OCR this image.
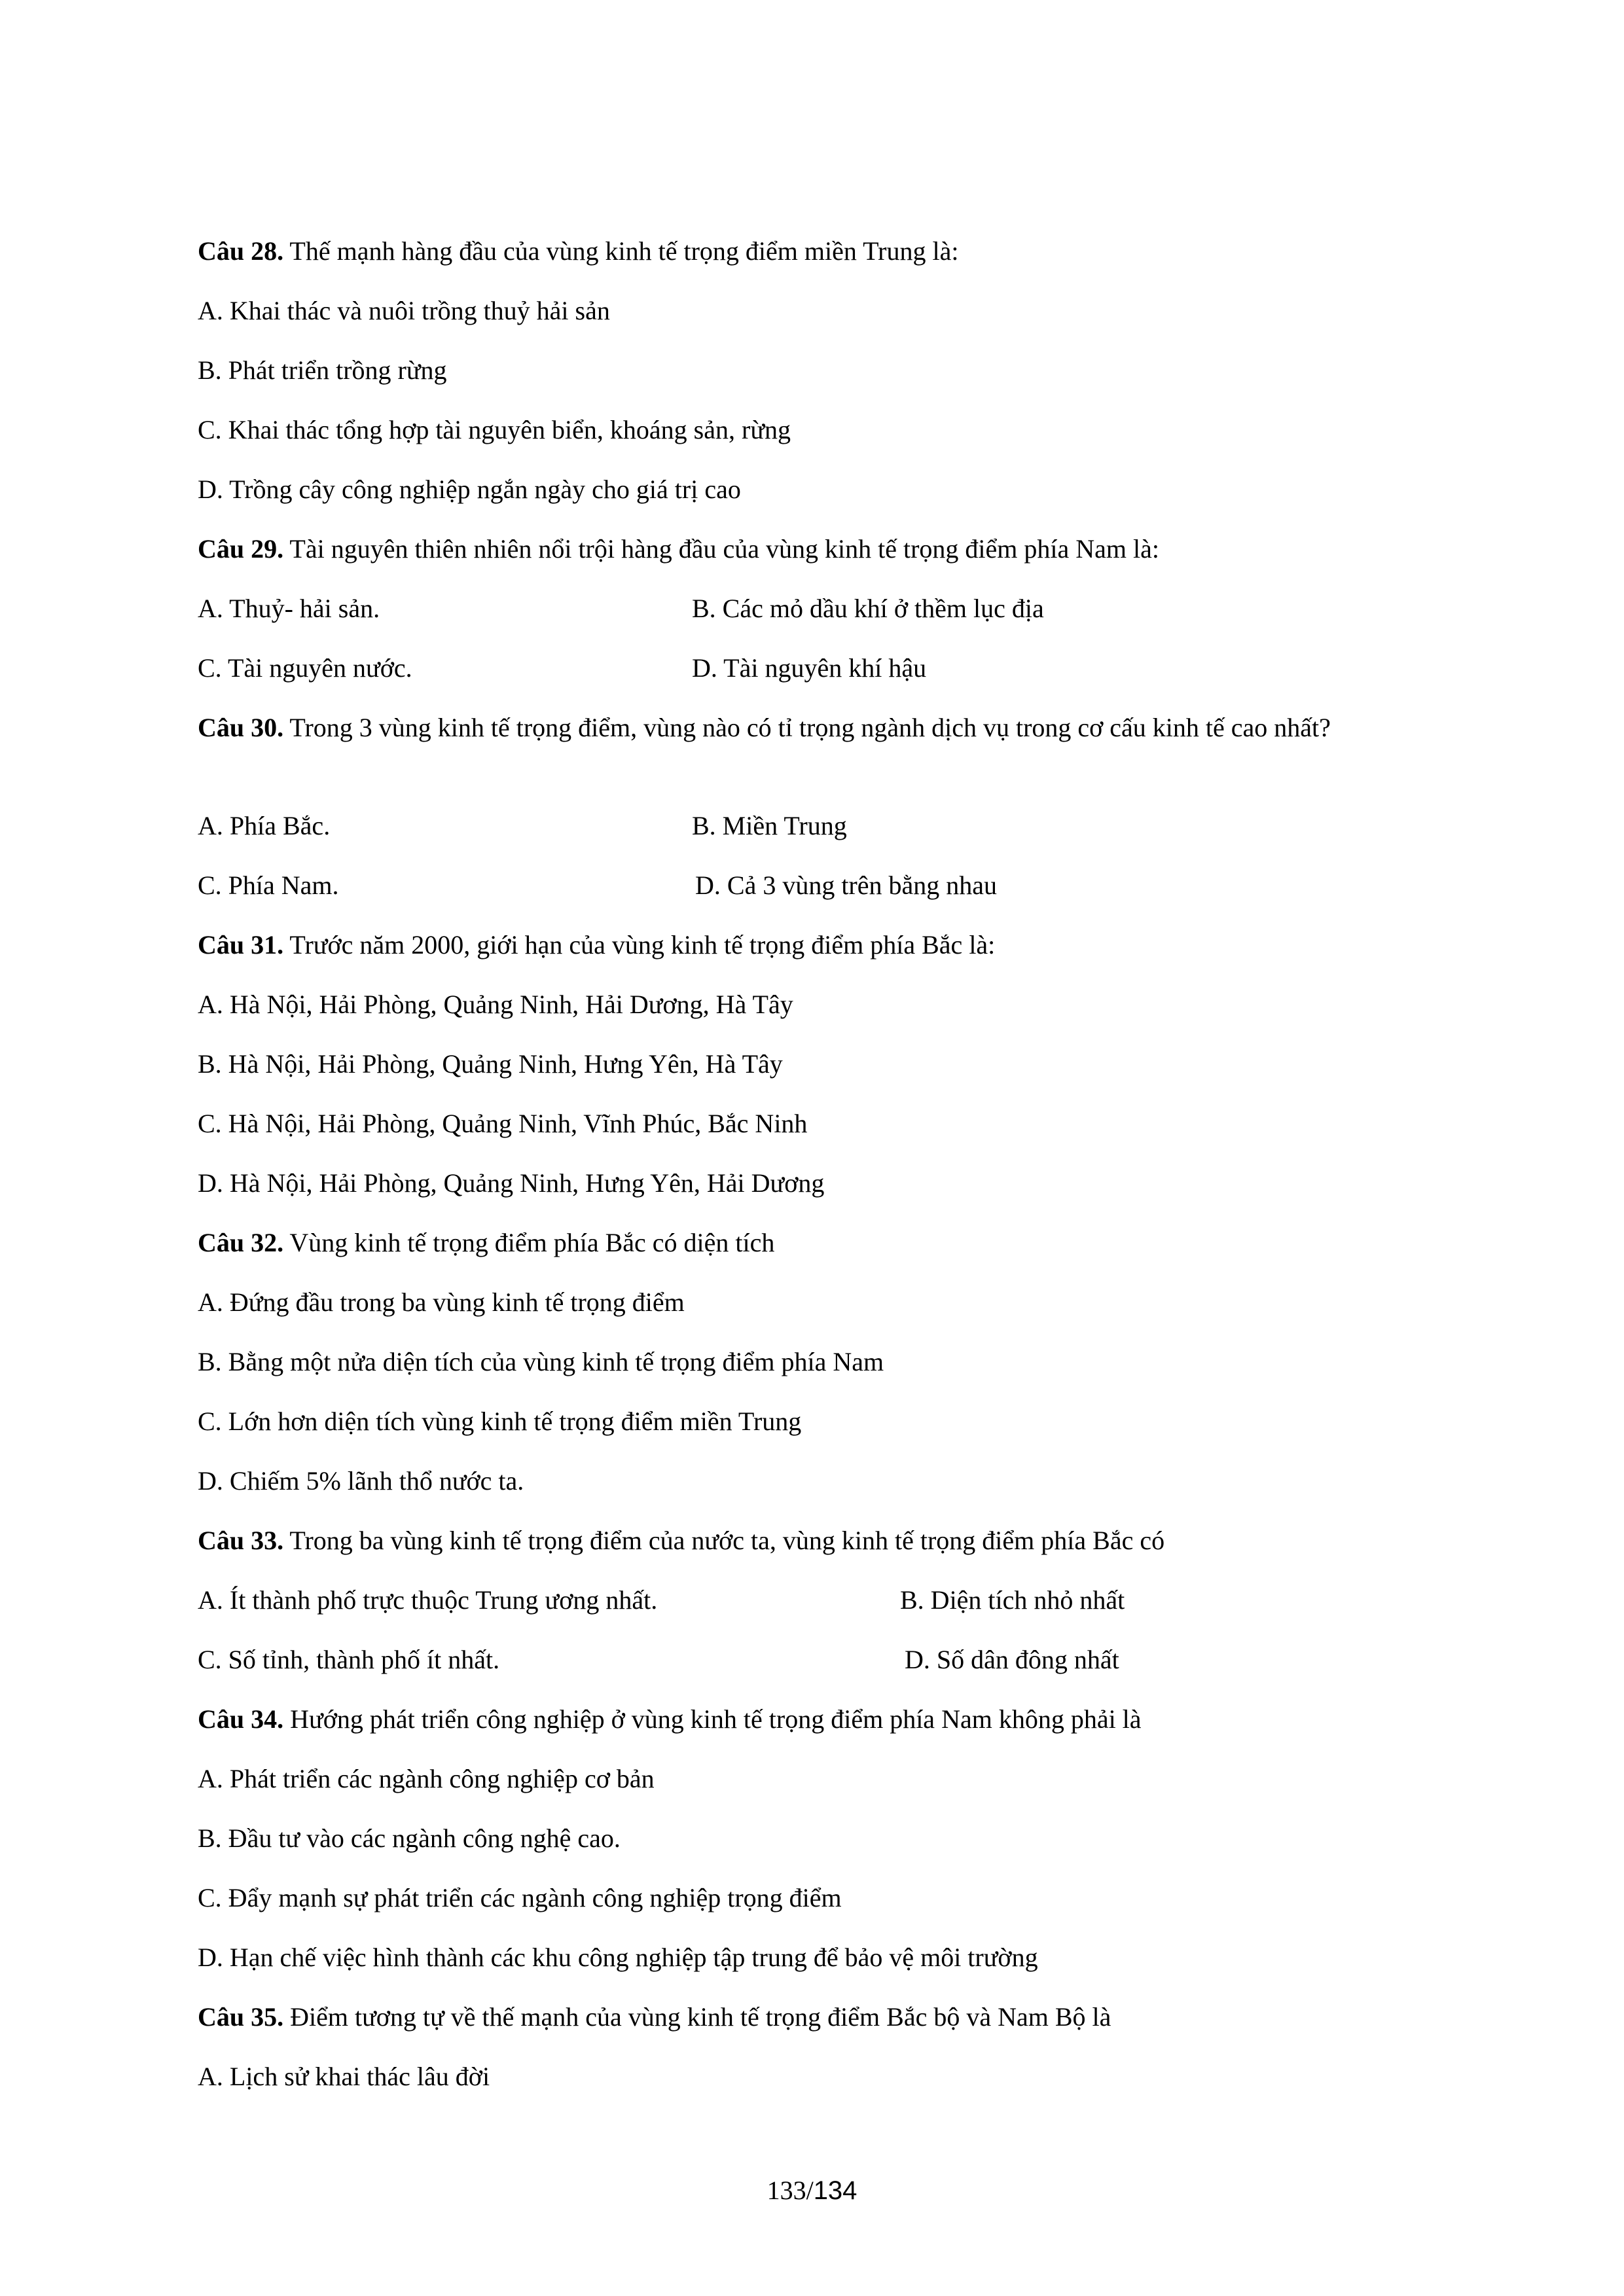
Câu 28. Thế mạnh hàng đầu của vùng kinh tế trọng điểm miền Trung là:
A. Khai thác và nuôi trồng thuỷ hải sản
B. Phát triển trồng rừng
C. Khai thác tổng hợp tài nguyên biển, khoáng sản, rừng
D. Trồng cây công nghiệp ngắn ngày cho giá trị cao
Câu 29. Tài nguyên thiên nhiên nổi trội hàng đầu của vùng kinh tế trọng điểm phía Nam là:
A. Thuỷ- hải sản.	B. Các mỏ dầu khí ở thềm lục địa
C. Tài nguyên nước.	D. Tài nguyên khí hậu
Câu 30. Trong 3 vùng kinh tế trọng điểm, vùng nào có tỉ trọng ngành dịch vụ trong cơ cấu kinh tế cao nhất?
A. Phía Bắc.	B. Miền Trung
C. Phía Nam.	D. Cả 3 vùng trên bằng nhau
Câu 31. Trước năm 2000, giới hạn của vùng kinh tế trọng điểm phía Bắc là:
A. Hà Nội, Hải Phòng, Quảng Ninh, Hải Dương, Hà Tây
B. Hà Nội, Hải Phòng, Quảng Ninh, Hưng Yên, Hà Tây
C. Hà Nội, Hải Phòng, Quảng Ninh, Vĩnh Phúc, Bắc Ninh
D. Hà Nội, Hải Phòng, Quảng Ninh, Hưng Yên, Hải Dương
Câu 32. Vùng kinh tế trọng điểm phía Bắc có diện tích
A. Đứng đầu trong ba vùng kinh tế trọng điểm
B. Bằng một nửa diện tích của vùng kinh tế trọng điểm phía Nam
C. Lớn hơn diện tích vùng kinh tế trọng điểm miền Trung
D. Chiếm 5% lãnh thổ nước ta.
Câu 33. Trong ba vùng kinh tế trọng điểm của nước ta, vùng kinh tế trọng điểm phía Bắc có
A. Ít thành phố trực thuộc Trung ương nhất.	B. Diện tích nhỏ nhất
C. Số tỉnh, thành phố ít nhất.	D. Số dân đông nhất
Câu 34. Hướng phát triển công nghiệp ở vùng kinh tế trọng điểm phía Nam không phải là
A. Phát triển các ngành công nghiệp cơ bản
B. Đầu tư vào các ngành công nghệ cao.
C. Đẩy mạnh sự phát triển các ngành công nghiệp trọng điểm
D. Hạn chế việc hình thành các khu công nghiệp tập trung để bảo vệ môi trường
Câu 35. Điểm tương tự về thế mạnh của vùng kinh tế trọng điểm Bắc bộ và Nam Bộ là
A. Lịch sử khai thác lâu đời
133/134
